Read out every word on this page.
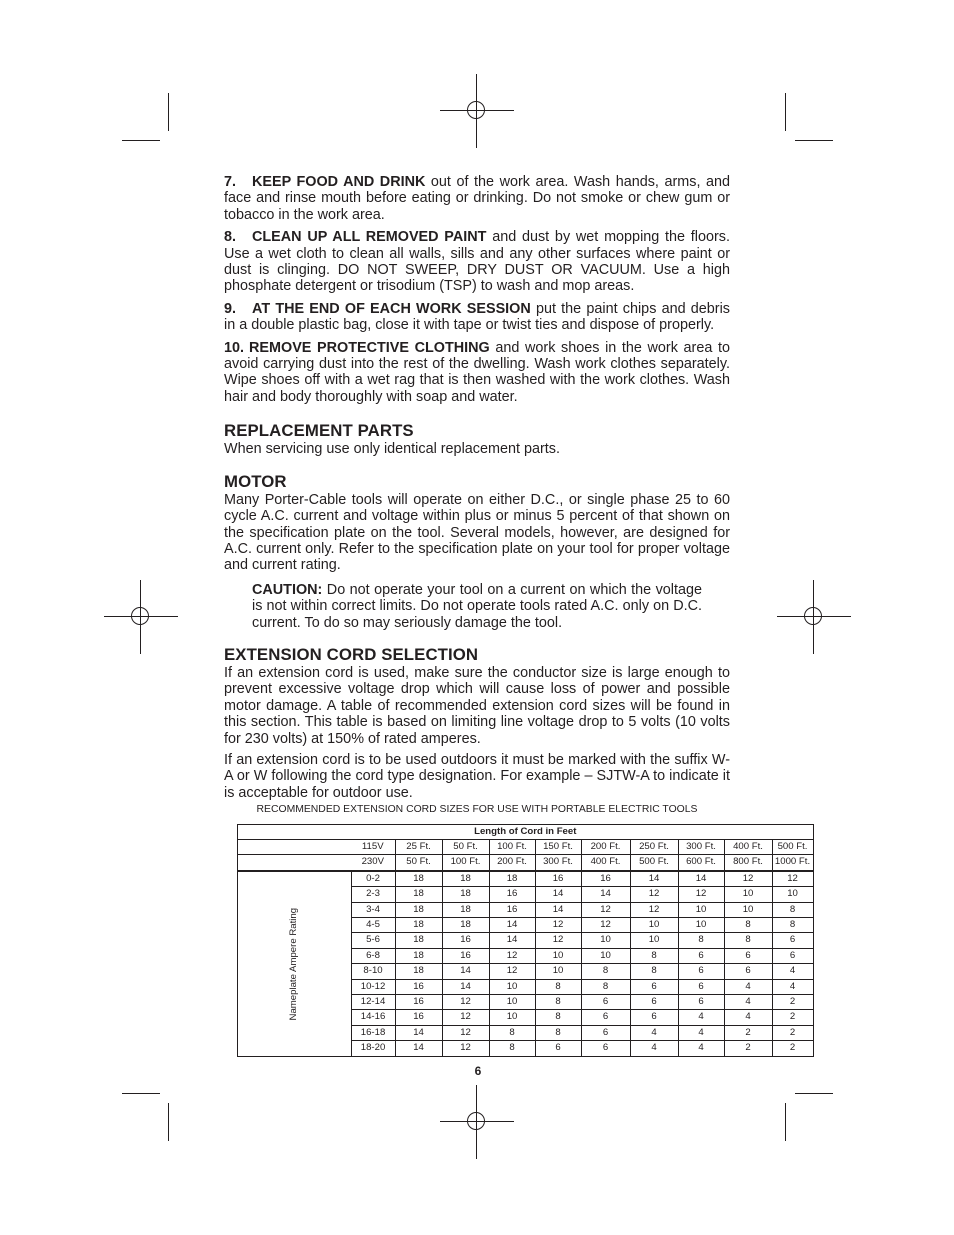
7. KEEP FOOD AND DRINK out of the work area. Wash hands, arms, and face and rinse mouth before eating or drinking. Do not smoke or chew gum or tobacco in the work area.

8. CLEAN UP ALL REMOVED PAINT and dust by wet mopping the floors. Use a wet cloth to clean all walls, sills and any other surfaces where paint or dust is clinging. DO NOT SWEEP, DRY DUST OR VACUUM. Use a high phosphate detergent or trisodium (TSP) to wash and mop areas.

9. AT THE END OF EACH WORK SESSION put the paint chips and debris in a double plastic bag, close it with tape or twist ties and dispose of properly.

10. REMOVE PROTECTIVE CLOTHING and work shoes in the work area to avoid carrying dust into the rest of the dwelling. Wash work clothes separately. Wipe shoes off with a wet rag that is then washed with the work clothes. Wash hair and body thoroughly with soap and water.

REPLACEMENT PARTS

When servicing use only identical replacement parts.

MOTOR

Many Porter-Cable tools will operate on either D.C., or single phase 25 to 60 cycle A.C. current and voltage within plus or minus 5 percent of that shown on the specification plate on the tool. Several models, however, are designed for A.C. current only. Refer to the specification plate on your tool for proper voltage and current rating.

CAUTION: Do not operate your tool on a current on which the voltage is not within correct limits. Do not operate tools rated A.C. only on D.C. current. To do so may seriously damage the tool.

EXTENSION CORD SELECTION

If an extension cord is used, make sure the conductor size is large enough to prevent excessive voltage drop which will cause loss of power and possible motor damage. A table of recommended extension cord sizes will be found in this section. This table is based on limiting line voltage drop to 5 volts (10 volts for 230 volts) at 150% of rated amperes.

If an extension cord is to be used outdoors it must be marked with the suffix W-A or W following the cord type designation. For example – SJTW-A to indicate it is acceptable for outdoor use.

RECOMMENDED EXTENSION CORD SIZES FOR USE WITH PORTABLE ELECTRIC TOOLS
Length of Cord in Feet										
	115V	25 Ft.	50 Ft.	100 Ft.	150 Ft.	200 Ft.	250 Ft.	300 Ft.	400 Ft.	500 Ft.
	230V	50 Ft.	100 Ft.	200 Ft.	300 Ft.	400 Ft.	500 Ft.	600 Ft.	800 Ft.	1000 Ft.
Nameplate Ampere Rating	0-2	18	18	18	16	16	14	14	12	12
	2-3	18	18	16	14	14	12	12	10	10
	3-4	18	18	16	14	12	12	10	10	8
	4-5	18	18	14	12	12	10	10	8	8
	5-6	18	16	14	12	10	10	8	8	6
	6-8	18	16	12	10	10	8	6	6	6
	8-10	18	14	12	10	8	8	6	6	4
	10-12	16	14	10	8	8	6	6	4	4
	12-14	16	12	10	8	6	6	6	4	2
	14-16	16	12	10	8	6	6	4	4	2
	16-18	14	12	8	8	6	4	4	2	2
	18-20	14	12	8	6	6	4	4	2	2
6
